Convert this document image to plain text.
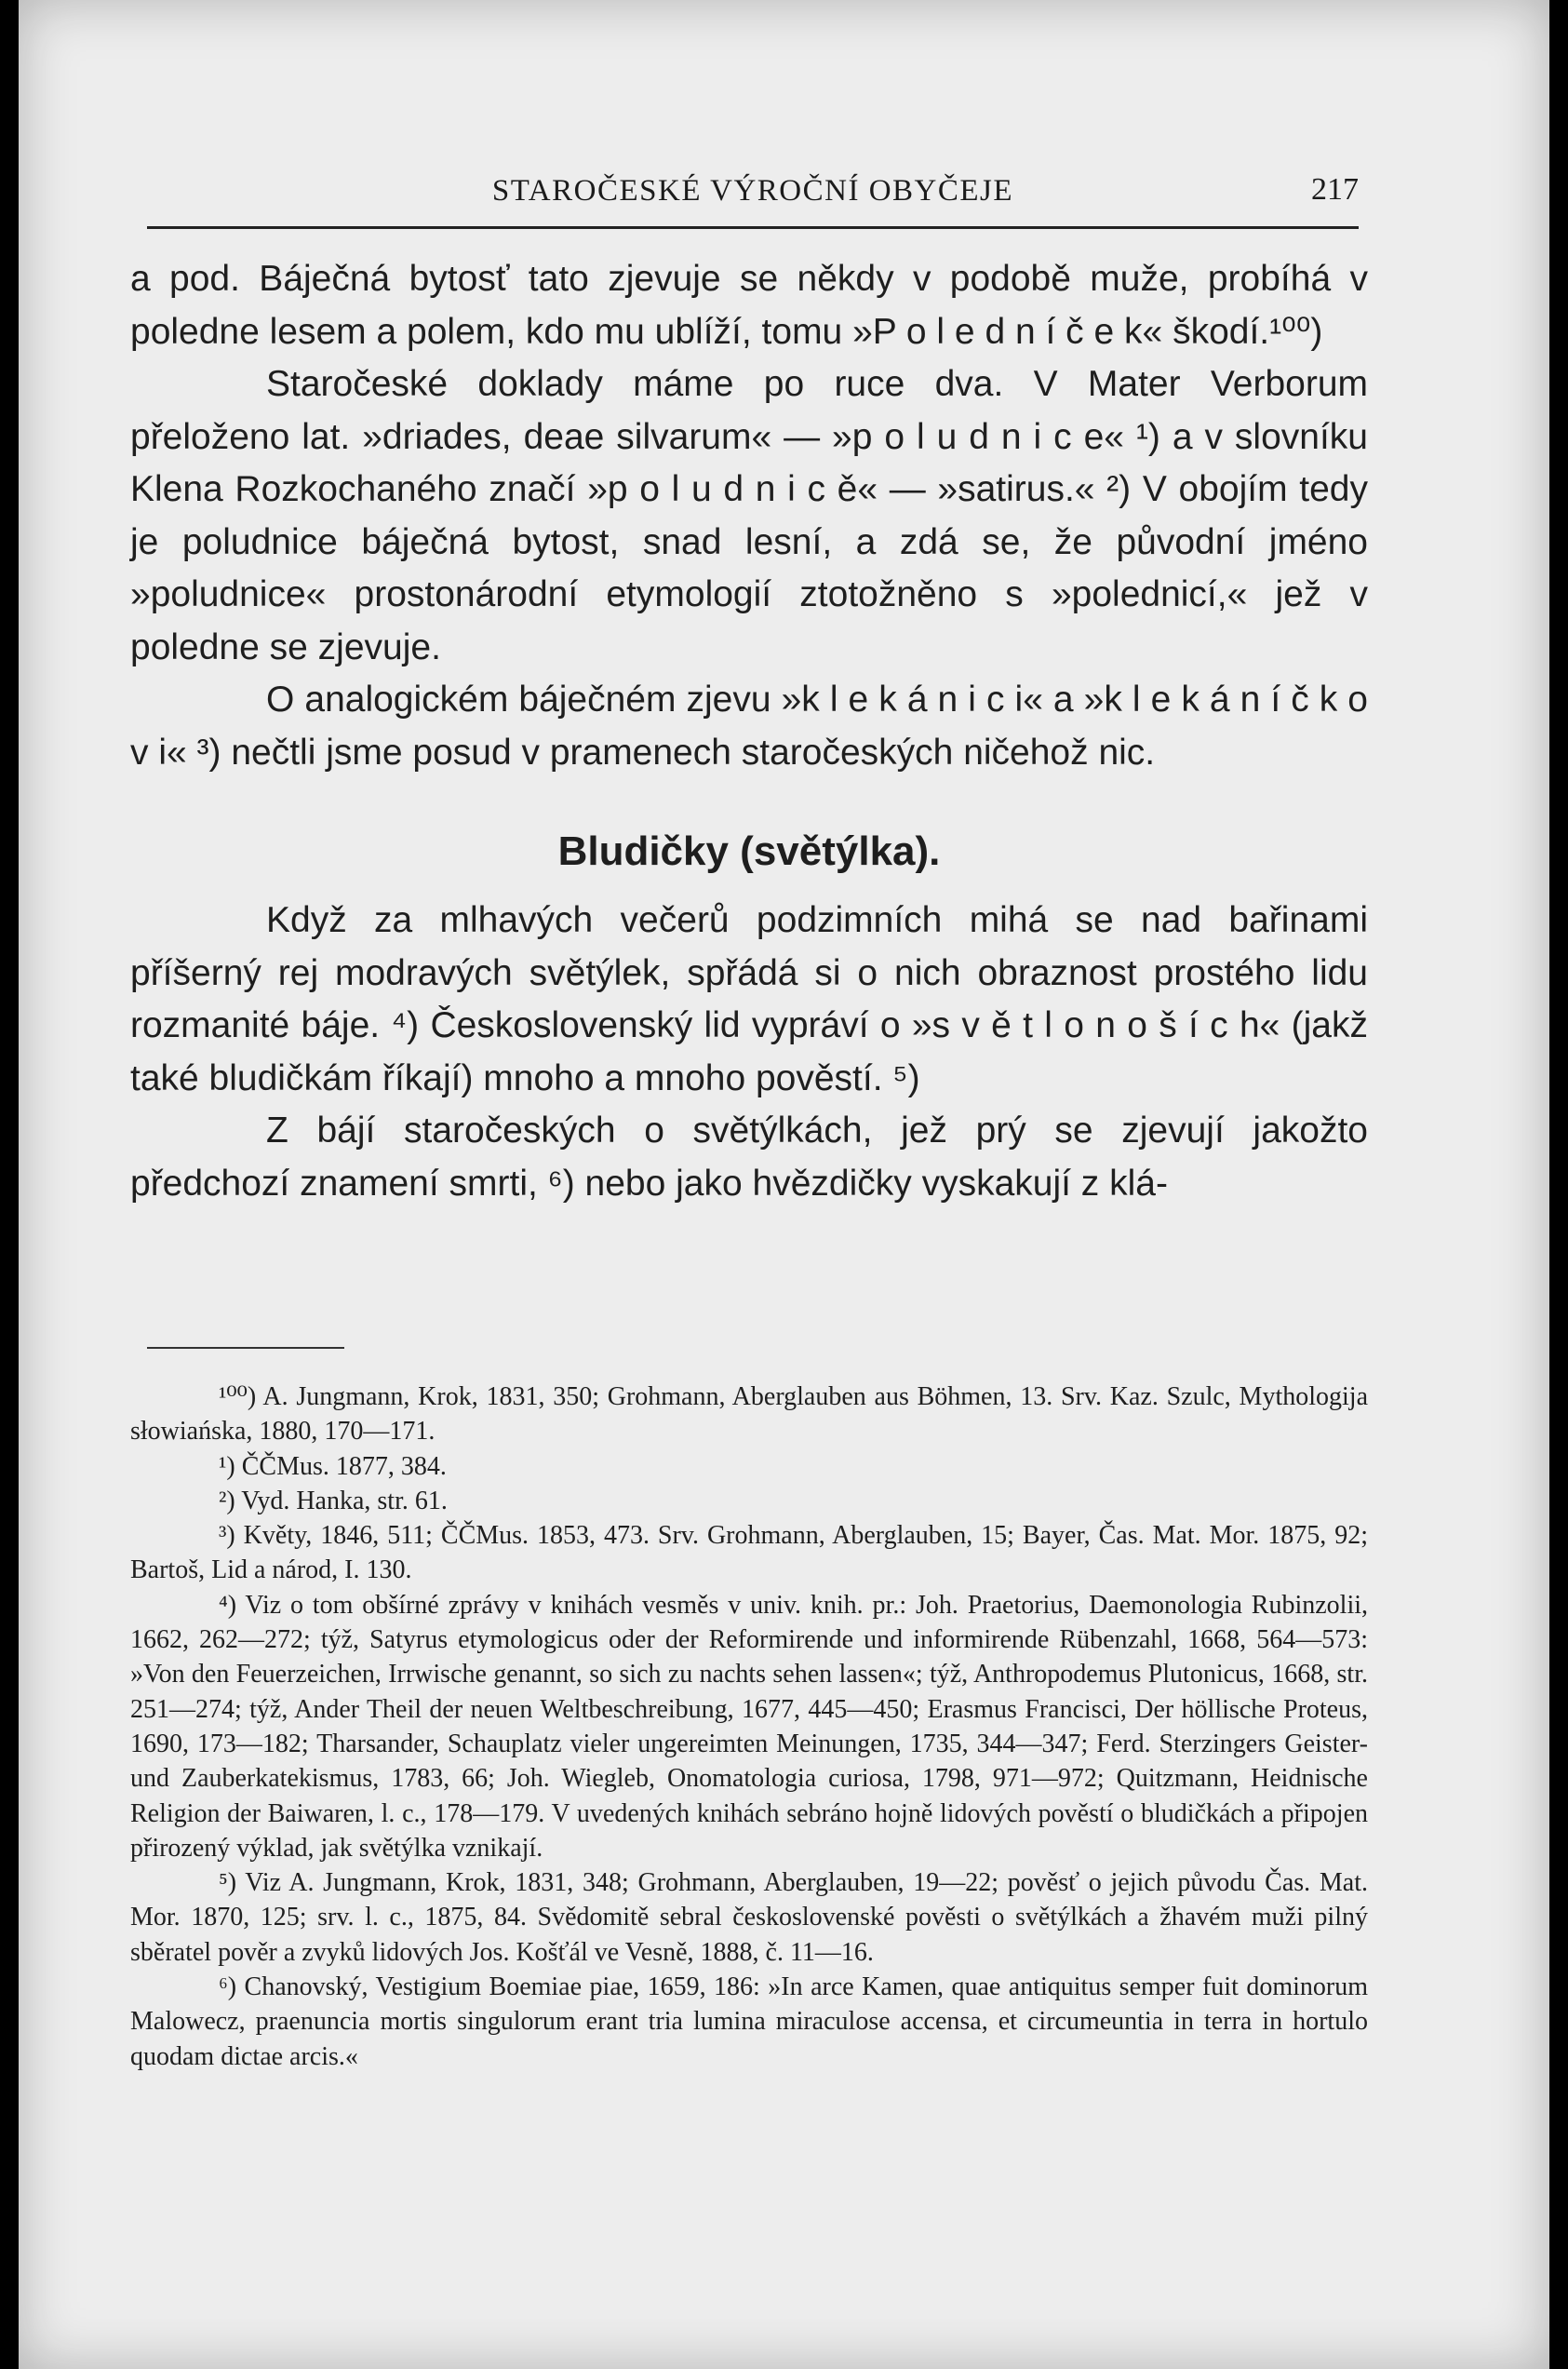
STAROČESKÉ VÝROČNÍ OBYČEJE	217

a pod. Báječná bytosť tato zjevuje se někdy v podobě muže, probíhá v poledne lesem a polem, kdo mu ublíží, tomu »P o l e d n í č e k« škodí.¹⁰⁰)

Staročeské doklady máme po ruce dva. V Mater Verborum přeloženo lat. »driades, deae silvarum« — »p o l u d n i c e« ¹) a v slovníku Klena Rozkochaného značí »p o l u d n i c ě« — »satirus.« ²) V obojím tedy je poludnice báječná bytost, snad lesní, a zdá se, že původní jméno »poludnice« prostonárodní etymologií ztotožněno s »polednicí,« jež v poledne se zjevuje.

O analogickém báječném zjevu »k l e k á n i c i« a »k l e k á n í č k o v i« ³) nečtli jsme posud v pramenech staročeských ničehož nic.

Bludičky (světýlka).

Když za mlhavých večerů podzimních mihá se nad bařinami příšerný rej modravých světýlek, spřádá si o nich obraznost prostého lidu rozmanité báje. ⁴) Československý lid vypráví o »s v ě t l o n o š í c h« (jakž také bludičkám říkají) mnoho a mnoho pověstí. ⁵)

Z bájí staročeských o světýlkách, jež prý se zjevují jakožto předchozí znamení smrti, ⁶) nebo jako hvězdičky vyskakují z klá-

¹⁰⁰) A. Jungmann, Krok, 1831, 350; Grohmann, Aberglauben aus Böhmen, 13. Srv. Kaz. Szulc, Mythologija słowiańska, 1880, 170—171.

¹) ČČMus. 1877, 384.

²) Vyd. Hanka, str. 61.

³) Květy, 1846, 511; ČČMus. 1853, 473. Srv. Grohmann, Aberglauben, 15; Bayer, Čas. Mat. Mor. 1875, 92; Bartoš, Lid a národ, I. 130.

⁴) Viz o tom obšírné zprávy v knihách vesměs v univ. knih. pr.: Joh. Praetorius, Daemonologia Rubinzolii, 1662, 262—272; týž, Satyrus etymologicus oder der Reformirende und informirende Rübenzahl, 1668, 564—573: »Von den Feuerzeichen, Irrwische genannt, so sich zu nachts sehen lassen«; týž, Anthropodemus Plutonicus, 1668, str. 251—274; týž, Ander Theil der neuen Weltbeschreibung, 1677, 445—450; Erasmus Francisci, Der höllische Proteus, 1690, 173—182; Tharsander, Schauplatz vieler ungereimten Meinungen, 1735, 344—347; Ferd. Sterzingers Geister- und Zauberkatekismus, 1783, 66; Joh. Wiegleb, Onomatologia curiosa, 1798, 971—972; Quitzmann, Heidnische Religion der Baiwaren, l. c., 178—179. V uvedených knihách sebráno hojně lidových pověstí o bludičkách a připojen přirozený výklad, jak světýlka vznikají.

⁵) Viz A. Jungmann, Krok, 1831, 348; Grohmann, Aberglauben, 19—22; pověsť o jejich původu Čas. Mat. Mor. 1870, 125; srv. l. c., 1875, 84. Svědomitě sebral československé pověsti o světýlkách a žhavém muži pilný sběratel pověr a zvyků lidových Jos. Košťál ve Vesně, 1888, č. 11—16.

⁶) Chanovský, Vestigium Boemiae piae, 1659, 186: »In arce Kamen, quae antiquitus semper fuit dominorum Malowecz, praenuncia mortis singulorum erant tria lumina miraculose accensa, et circumeuntia in terra in hortulo quodam dictae arcis.«
